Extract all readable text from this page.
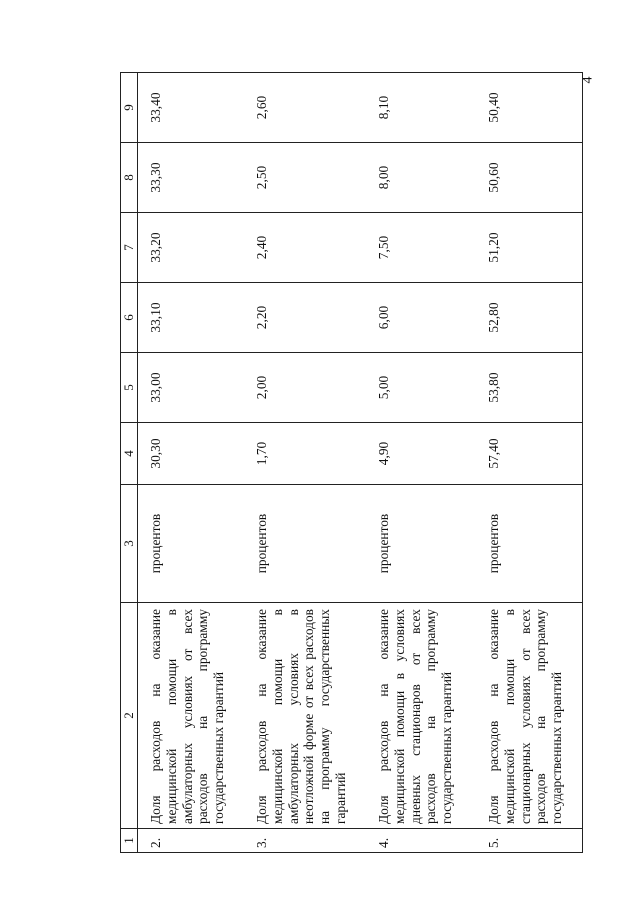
4
1	2	3	4	5	6	7	8	9
2.	Доля расходов на оказание медицинской помощи в амбулаторных условиях от всех расходов на программу государственных гарантий	процентов	30,30	33,00	33,10	33,20	33,30	33,40
3.	Доля расходов на оказание медицинской помощи в амбулаторных условиях в неотложной форме от всех расходов на программу государственных гарантий	процентов	1,70	2,00	2,20	2,40	2,50	2,60
4.	Доля расходов на оказание медицинской помощи в условиях дневных стационаров от всех расходов на программу государственных гарантий	процентов	4,90	5,00	6,00	7,50	8,00	8,10
5.	Доля расходов на оказание медицинской помощи в стационарных условиях от всех расходов на программу государственных гарантий	процентов	57,40	53,80	52,80	51,20	50,60	50,40
